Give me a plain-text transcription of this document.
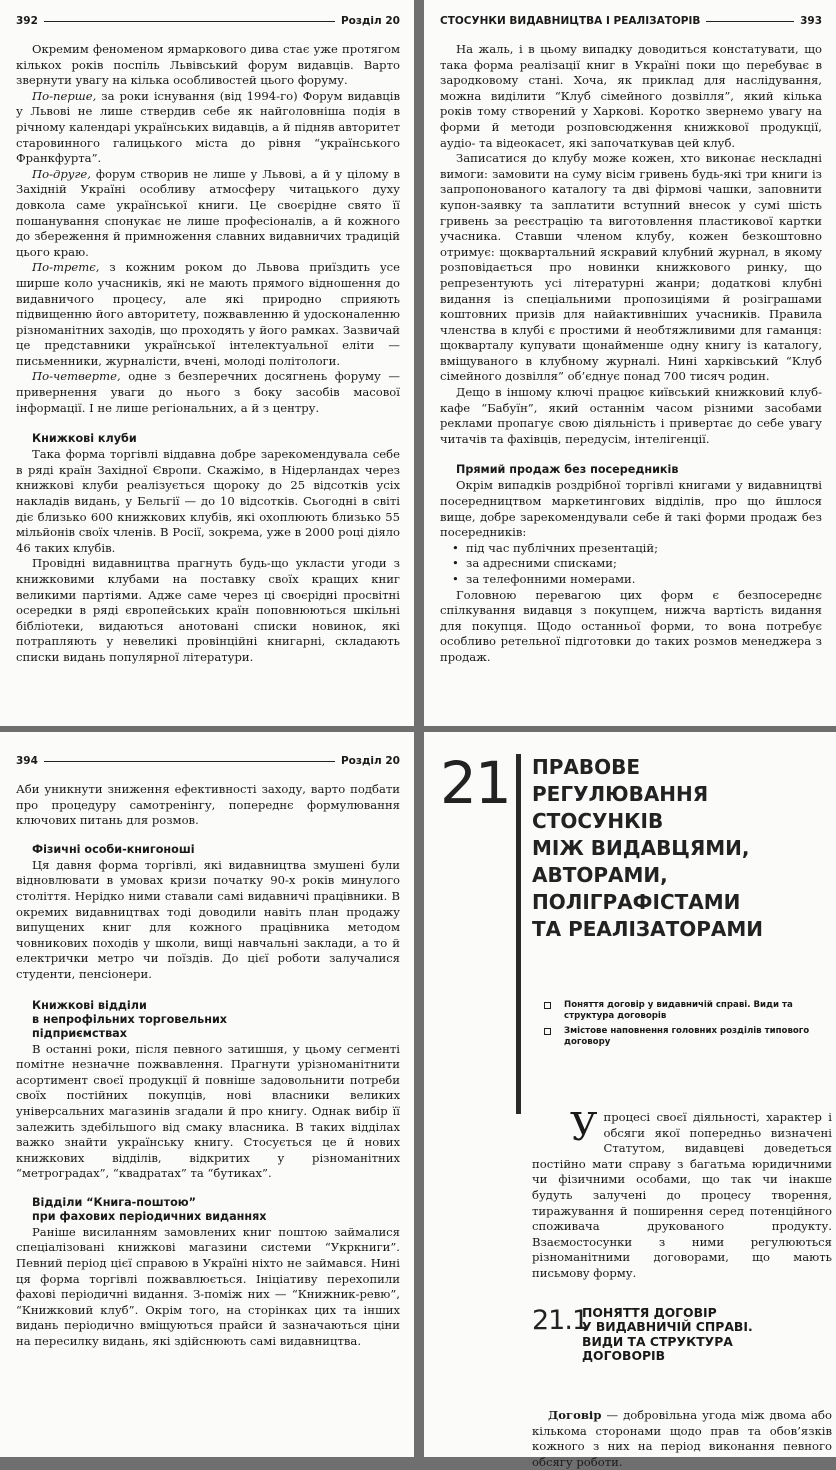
392	Розділ 20

Окремим феноменом ярмаркового дива стає уже протягом кількох років поспіль Львівський форум видавців. Варто звернути увагу на кілька особливостей цього форуму.

По-перше, за роки існування (від 1994-го) Форум видавців у Львові не лише ствердив себе як найголовніша подія в річному календарі українських видавців, а й підняв авторитет старовинного галицького міста до рівня “українського Франкфурта”.

По-друге, форум створив не лише у Львові, а й у цілому в Західній Україні особливу атмосферу читацького духу довкола саме української книги. Це своєрідне свято її пошанування спонукає не лише професіоналів, а й кожного до збереження й примноження славних видавничих традицій цього краю.

По-третє, з кожним роком до Львова приїздить усе ширше коло учасників, які не мають прямого відношення до видавничого процесу, але які природно сприяють підвищенню його авторитету, пожвавленню й удосконаленню різноманітних заходів, що проходять у його рамках. Зазвичай це представники української інтелектуальної еліти — письменники, журналісти, вчені, молоді політологи.

По-четверте, одне з безперечних досягнень форуму — привернення уваги до нього з боку засобів масової інформації. І не лише регіональних, а й з центру.

Книжкові клуби

Така форма торгівлі віддавна добре зарекомендувала себе в ряді країн Західної Європи. Скажімо, в Нідерландах через книжкові клуби реалізується щороку до 25 відсотків усіх накладів видань, у Бельгії — до 10 відсотків. Сьогодні в світі діє близько 600 книжкових клубів, які охоплюють близько 55 мільйонів своїх членів. В Росії, зокрема, уже в 2000 році діяло 46 таких клубів.

Провідні видавництва прагнуть будь-що укласти угоди з книжковими клубами на поставку своїх кращих книг великими партіями. Адже саме через ці своєрідні просвітні осередки в ряді європейських країн поповнюються шкільні бібліотеки, видаються анотовані списки новинок, які потрапляють у невеликі провінційні книгарні, складають списки видань популярної літератури.

СТОСУНКИ ВИДАВНИЦТВА І РЕАЛІЗАТОРІВ	393

На жаль, і в цьому випадку доводиться констатувати, що така форма реалізації книг в Україні поки що перебуває в зародковому стані. Хоча, як приклад для наслідування, можна виділити “Клуб сімейного дозвілля”, який кілька років тому створений у Харкові. Коротко звернемо увагу на форми й методи розповсюдження книжкової продукції, аудіо- та відеокасет, які започаткував цей клуб.

Записатися до клубу може кожен, хто виконає нескладні вимоги: замовити на суму вісім гривень будь-які три книги із запропонованого каталогу та дві фірмові чашки, заповнити купон-заявку та заплатити вступний внесок у сумі шість гривень за реєстрацію та виготовлення пластикової картки учасника. Ставши членом клубу, кожен безкоштовно отримує: щоквартальний яскравий клубний журнал, в якому розповідається про новинки книжкового ринку, що репрезентують усі літературні жанри; додаткові клубні видання із спеціальними пропозиціями й розіграшами коштовних призів для найактивніших учасників. Правила членства в клубі є простими й необтяжливими для гаманця: щокварталу купувати щонайменше одну книгу із каталогу, вміщуваного в клубному журналі. Нині харківський “Клуб сімейного дозвілля” об’єднує понад 700 тисяч родин.

Дещо в іншому ключі працює київський книжковий клуб-кафе “Бабуїн”, який останнім часом різними засобами реклами пропагує свою діяльність і привертає до себе увагу читачів та фахівців, передусім, інтелігенції.

Прямий продаж без посередників

Окрім випадків роздрібної торгівлі книгами у видавництві посередництвом маркетингових відділів, про що йшлося вище, добре зарекомендували себе й такі форми продаж без посередників:

• під час публічних презентацій;
• за адресними списками;
• за телефонними номерами.

Головною перевагою цих форм є безпосереднє спілкування видавця з покупцем, нижча вартість видання для покупця. Щодо останньої форми, то вона потребує особливо ретельної підготовки до таких розмов менеджера з продаж.

394	Розділ 20

Аби уникнути зниження ефективності заходу, варто подбати про процедуру самотренінгу, попереднє формулювання ключових питань для розмов.

Фізичні особи-книгоноші

Ця давня форма торгівлі, які видавництва змушені були відновлювати в умовах кризи початку 90-х років минулого століття. Нерідко ними ставали самі видавничі працівники. В окремих видавництвах тоді доводили навіть план продажу випущених книг для кожного працівника методом човникових походів у школи, вищі навчальні заклади, а то й електрички метро чи поїздів. До цієї роботи залучалися студенти, пенсіонери.

Книжкові відділи
в непрофільних торговельних
підприємствах

В останні роки, після певного затишшя, у цьому сегменті помітне незначне пожвавлення. Прагнути урізноманітнити асортимент своєї продукції й повніше задовольнити потреби своїх постійних покупців, нові власники великих універсальних магазинів згадали й про книгу. Однак вибір її залежить здебільшого від смаку власника. В таких відділах важко знайти українську книгу. Стосується це й нових книжкових відділів, відкритих у різноманітних “метроградах”, “квадратах” та “бутиках”.

Відділи “Книга-поштою”
при фахових періодичних виданнях

Раніше висиланням замовлених книг поштою займалися спеціалізовані книжкові магазини системи “Укркниги”. Певний період цієї справою в Україні ніхто не займався. Нині ця форма торгівлі пожвавлюється. Ініціативу перехопили фахові періодичні видання. З-поміж них — “Книжник-ревю”, “Книжковий клуб”. Окрім того, на сторінках цих та інших видань періодично вміщуються прайси й зазначаються ціни на пересилку видань, які здійснюють самі видавництва.

21 ПРАВОВЕ
РЕГУЛЮВАННЯ
СТОСУНКІВ
МІЖ ВИДАВЦЯМИ,
АВТОРАМИ,
ПОЛІГРАФІСТАМИ
ТА РЕАЛІЗАТОРАМИ
Поняття договір у видавничій справі. Види та структура договорів
Змістове наповнення головних розділів типового договору

Упроцесі своєї діяльності, характер і обсяги якої попередньо визначені Статутом, видавцеві доведеться постійно мати справу з багатьма юридичними чи фізичними особами, що так чи інакше будуть залучені до процесу творення, тиражування й поширення серед потенційного споживача друкованого продукту. Взаємостосунки з ними регулюються різноманітними договорами, що мають письмову форму.

21.1
ПОНЯТТЯ ДОГОВІР
У ВИДАВНИЧІЙ СПРАВІ.
ВИДИ ТА СТРУКТУРА
ДОГОВОРІВ

Договір — добровільна угода між двома або кількома сторонами щодо прав та обов’язків кожного з них на період виконання певного обсягу роботи.
